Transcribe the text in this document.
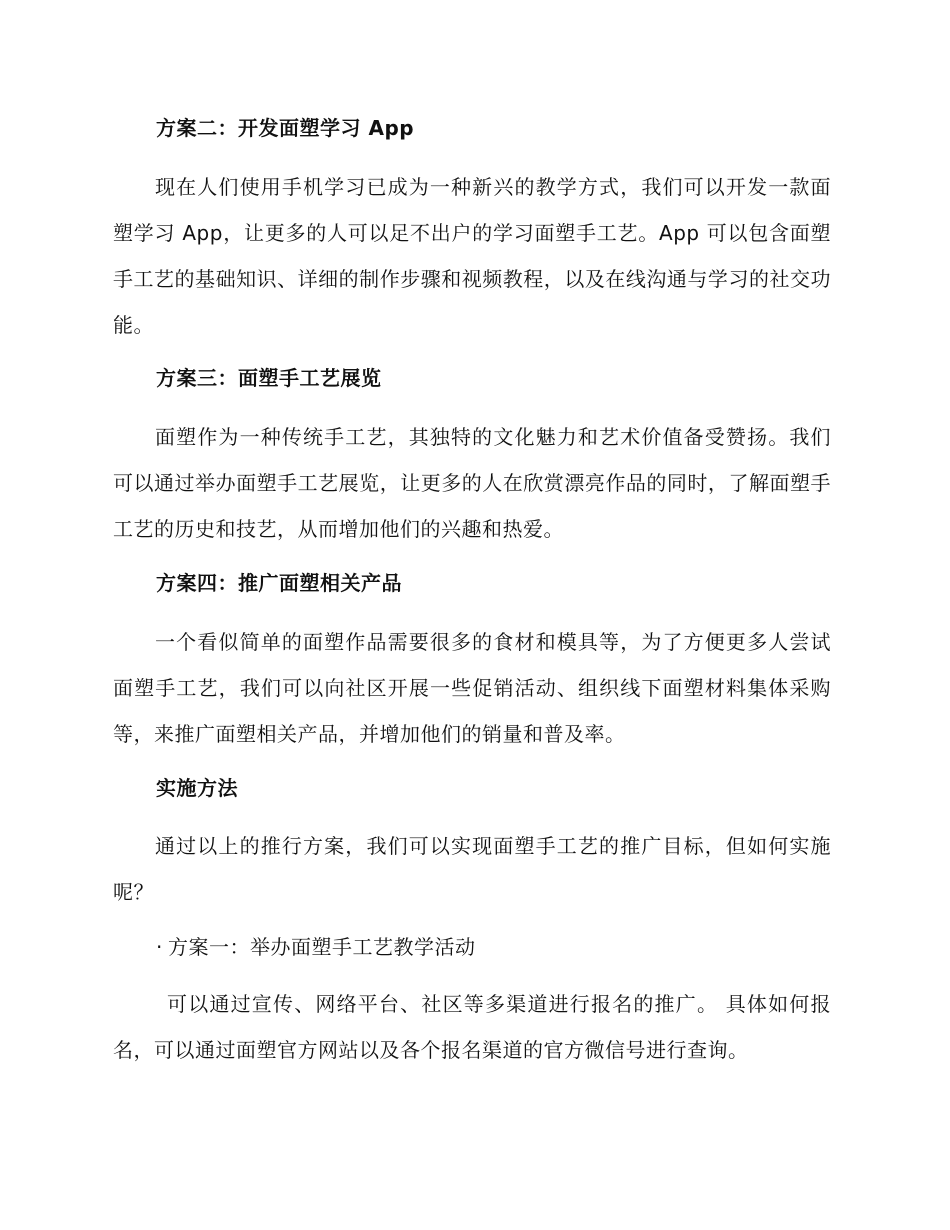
方案二：开发面塑学习 App
现在人们使用手机学习已成为一种新兴的教学方式，我们可以开发一款面塑学习 App，让更多的人可以足不出户的学习面塑手工艺。App 可以包含面塑手工艺的基础知识、详细的制作步骤和视频教程，以及在线沟通与学习的社交功能。
方案三：面塑手工艺展览
面塑作为一种传统手工艺，其独特的文化魅力和艺术价值备受赞扬。我们可以通过举办面塑手工艺展览，让更多的人在欣赏漂亮作品的同时，了解面塑手工艺的历史和技艺，从而增加他们的兴趣和热爱。
方案四：推广面塑相关产品
一个看似简单的面塑作品需要很多的食材和模具等，为了方便更多人尝试面塑手工艺，我们可以向社区开展一些促销活动、组织线下面塑材料集体采购等，来推广面塑相关产品，并增加他们的销量和普及率。
实施方法
通过以上的推行方案，我们可以实现面塑手工艺的推广目标，但如何实施呢？
· 方案一：举办面塑手工艺教学活动
可以通过宣传、网络平台、社区等多渠道进行报名的推广。 具体如何报名，可以通过面塑官方网站以及各个报名渠道的官方微信号进行查询。
